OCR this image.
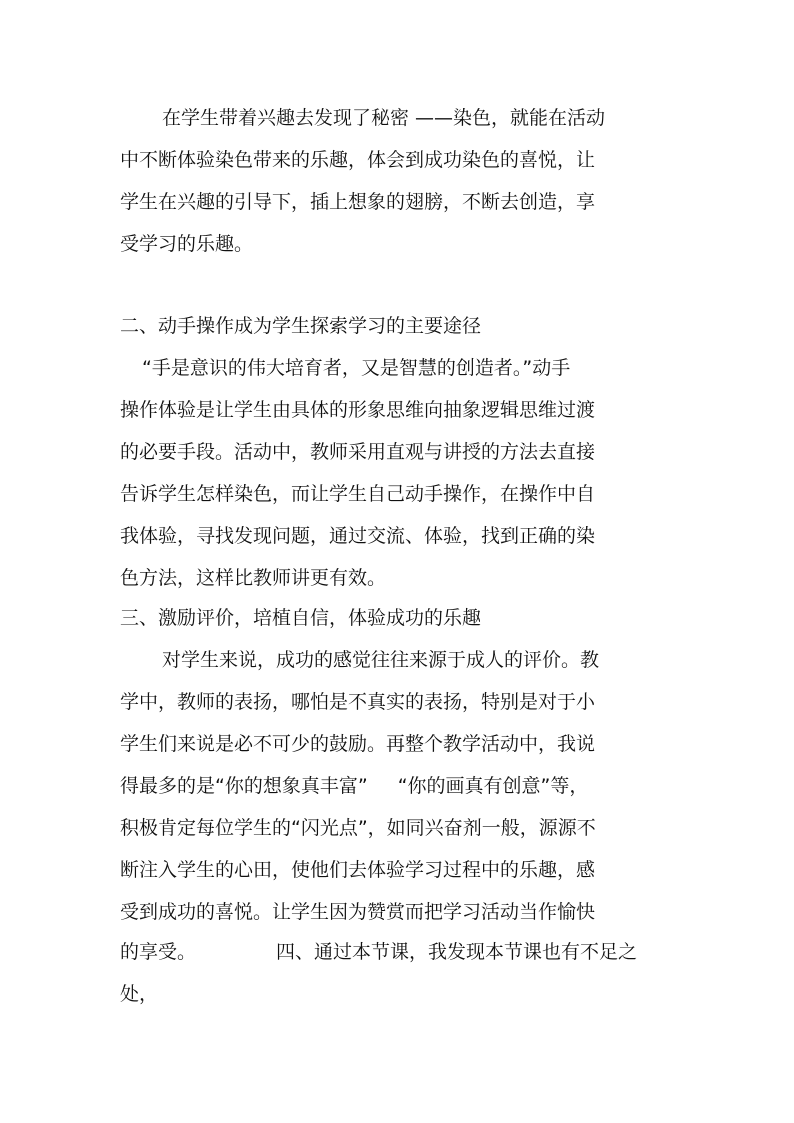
在学生带着兴趣去发现了秘密 ——染色，就能在活动
中不断体验染色带来的乐趣，体会到成功染色的喜悦，让
学生在兴趣的引导下，插上想象的翅膀，不断去创造，享
受学习的乐趣。
二、动手操作成为学生探索学习的主要途径
“手是意识的伟大培育者，又是智慧的创造者。”动手
操作体验是让学生由具体的形象思维向抽象逻辑思维过渡
的必要手段。活动中，教师采用直观与讲授的方法去直接
告诉学生怎样染色，而让学生自己动手操作，在操作中自
我体验，寻找发现问题，通过交流、体验，找到正确的染
色方法，这样比教师讲更有效。
三、激励评价，培植自信，体验成功的乐趣
对学生来说，成功的感觉往往来源于成人的评价。教
学中，教师的表扬，哪怕是不真实的表扬，特别是对于小
学生们来说是必不可少的鼓励。再整个教学活动中，我说
得最多的是“你的想象真丰富” “你的画真有创意”等，
积极肯定每位学生的“闪光点”，如同兴奋剂一般，源源不
断注入学生的心田，使他们去体验学习过程中的乐趣，感
受到成功的喜悦。让学生因为赞赏而把学习活动当作愉快
的享受。	四、通过本节课，我发现本节课也有不足之
处，
